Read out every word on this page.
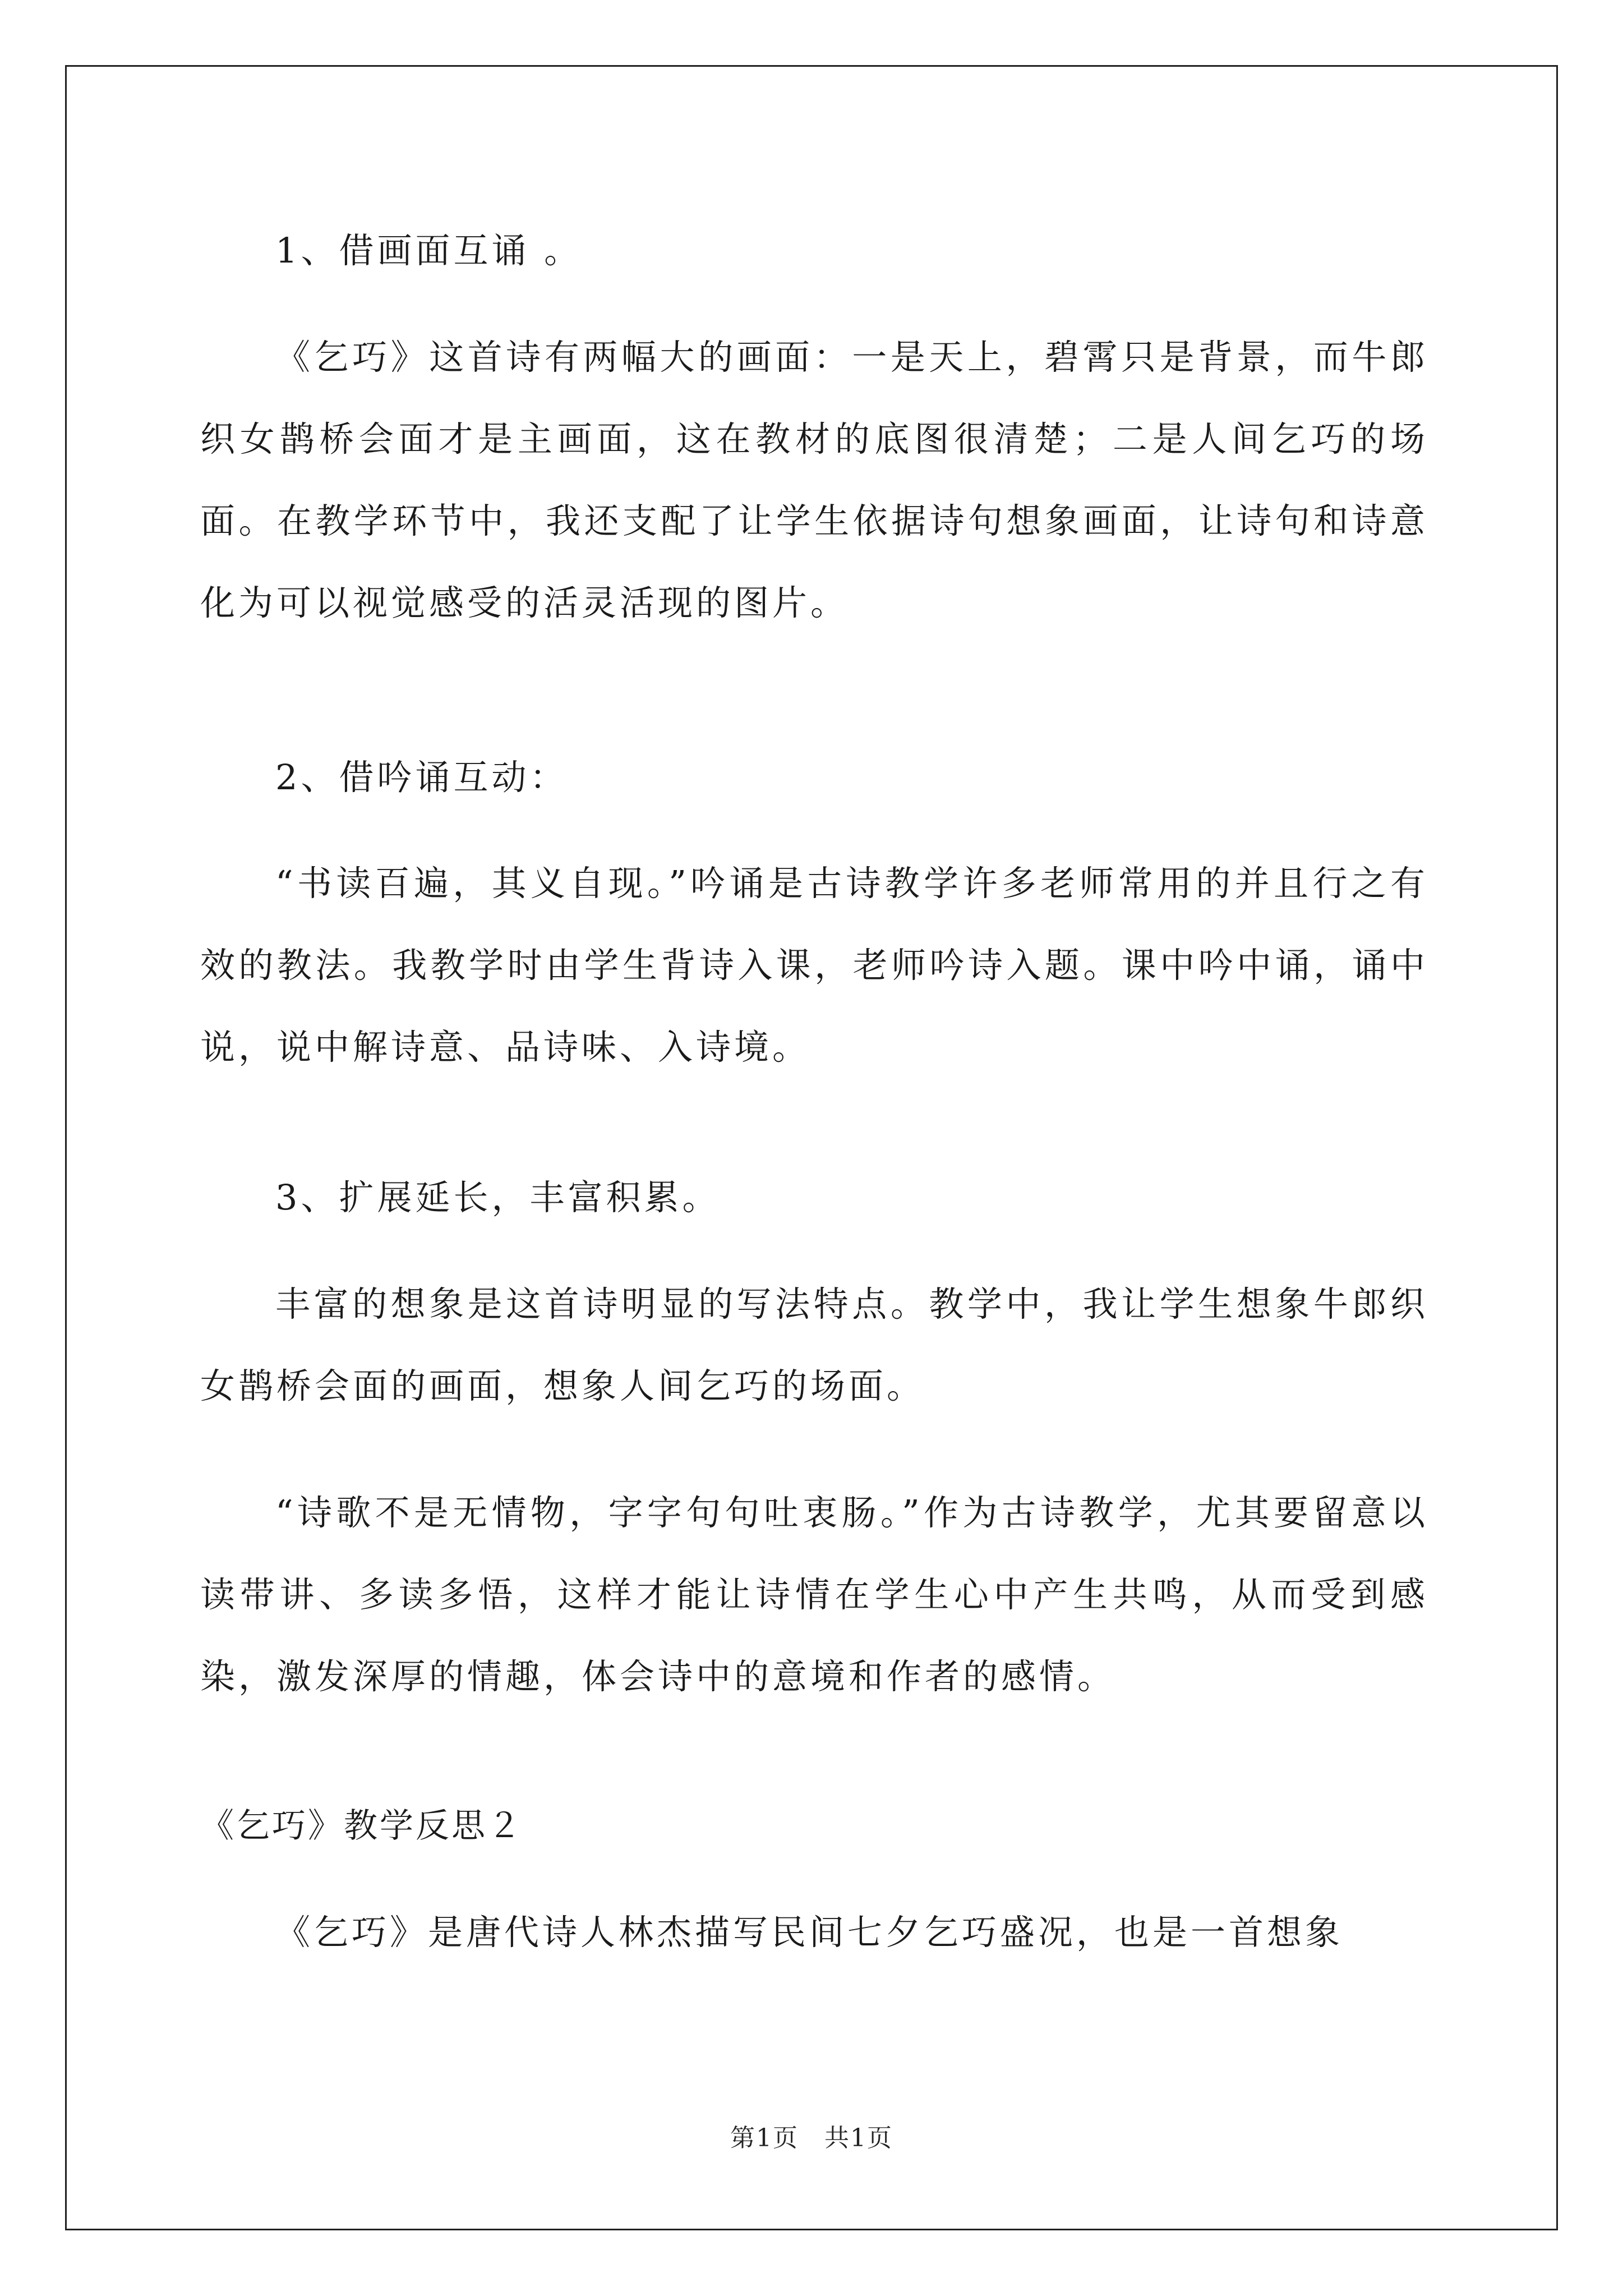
1、借画面互诵 。
《乞巧》这首诗有两幅大的画面：一是天上，碧霄只是背景，而牛郎织女鹊桥会面才是主画面，这在教材的底图很清楚；二是人间乞巧的场面。在教学环节中，我还支配了让学生依据诗句想象画面，让诗句和诗意化为可以视觉感受的活灵活现的图片。
2、借吟诵互动：
“书读百遍，其义自现。”吟诵是古诗教学许多老师常用的并且行之有效的教法。我教学时由学生背诗入课，老师吟诗入题。课中吟中诵，诵中说，说中解诗意、品诗味、入诗境。
3、扩展延长，丰富积累。
丰富的想象是这首诗明显的写法特点。教学中，我让学生想象牛郎织女鹊桥会面的画面，想象人间乞巧的场面。
“诗歌不是无情物，字字句句吐衷肠。”作为古诗教学，尤其要留意以读带讲、多读多悟，这样才能让诗情在学生心中产生共鸣，从而受到感染，激发深厚的情趣，体会诗中的意境和作者的感情。
《乞巧》教学反思２
《乞巧》是唐代诗人林杰描写民间七夕乞巧盛况，也是一首想象
第1页　共1页
